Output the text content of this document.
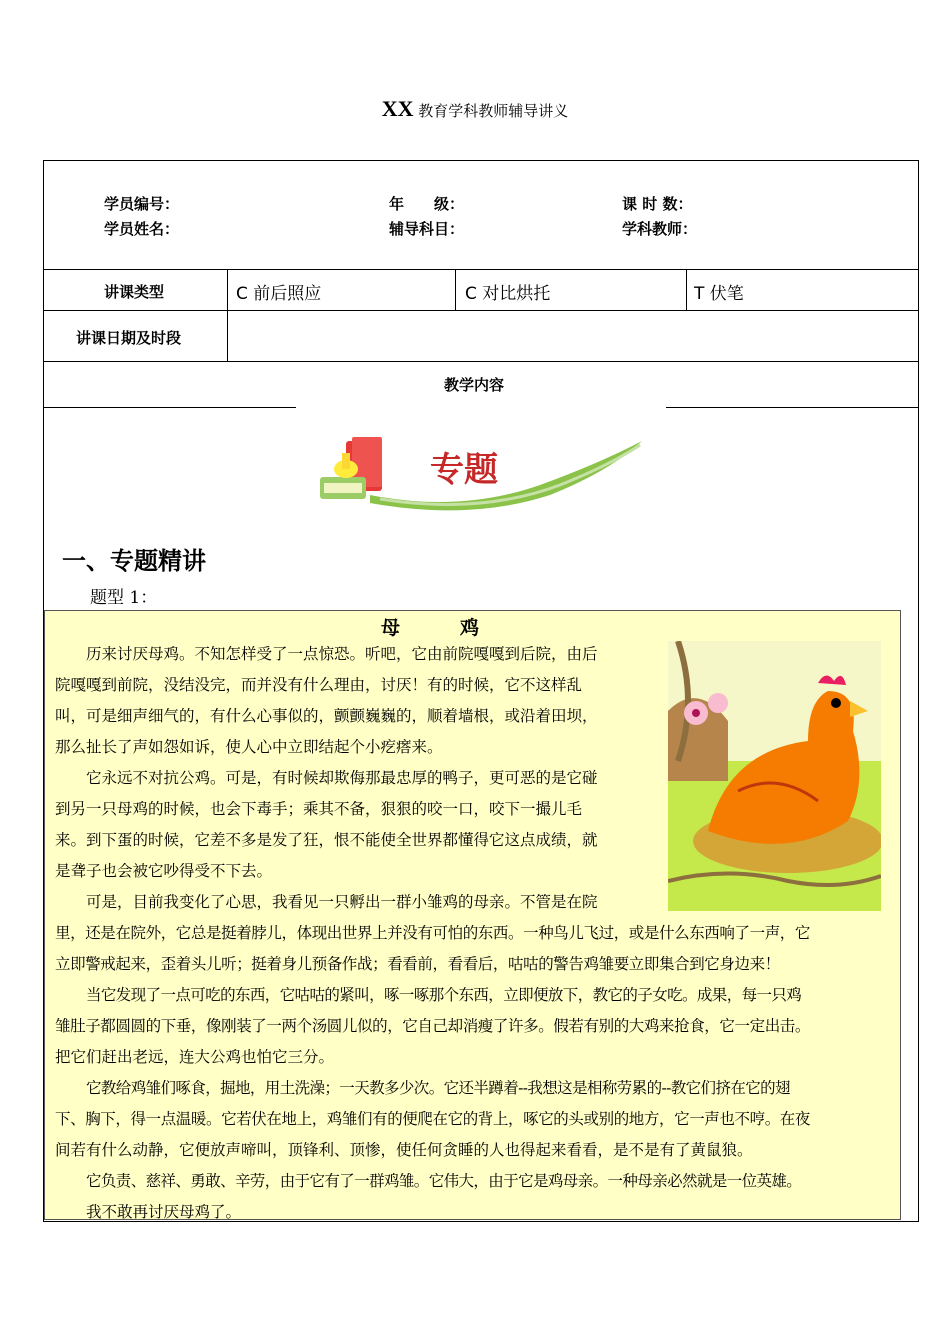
XX 教育学科教师辅导讲义
学员编号：	年　　级：	课 时 数：
学员姓名：	辅导科目：	学科教师：
讲课类型	C 前后照应	C 对比烘托	T 伏笔
讲课日期及时段
教学内容
专题
一、专题精讲
题型 1：
母鸡

历来讨厌母鸡。不知怎样受了一点惊恐。听吧，它由前院嘎嘎到后院，由后

院嘎嘎到前院，没结没完，而并没有什么理由，讨厌！有的时候，它不这样乱

叫，可是细声细气的，有什么心事似的，颤颤巍巍的，顺着墙根，或沿着田坝，

那么扯长了声如怨如诉，使人心中立即结起个小疙瘩来。

它永远不对抗公鸡。可是，有时候却欺侮那最忠厚的鸭子，更可恶的是它碰

到另一只母鸡的时候，也会下毒手；乘其不备，狠狠的咬一口，咬下一撮儿毛

来。到下蛋的时候，它差不多是发了狂，恨不能使全世界都懂得它这点成绩，就

是聋子也会被它吵得受不下去。

可是，目前我变化了心思，我看见一只孵出一群小雏鸡的母亲。不管是在院

里，还是在院外，它总是挺着脖儿，体现出世界上并没有可怕的东西。一种鸟儿飞过，或是什么东西响了一声，它

立即警戒起来，歪着头儿听；挺着身儿预备作战；看看前，看看后，咕咕的警告鸡雏要立即集合到它身边来！

当它发现了一点可吃的东西，它咕咕的紧叫，啄一啄那个东西，立即便放下，教它的子女吃。成果，每一只鸡

雏肚子都圆圆的下垂，像刚装了一两个汤圆儿似的，它自己却消瘦了许多。假若有别的大鸡来抢食，它一定出击。

把它们赶出老远，连大公鸡也怕它三分。

它教给鸡雏们啄食，掘地，用土洗澡；一天教多少次。它还半蹲着--我想这是相称劳累的--教它们挤在它的翅

下、胸下，得一点温暖。它若伏在地上，鸡雏们有的便爬在它的背上，啄它的头或别的地方，它一声也不哼。在夜

间若有什么动静，它便放声啼叫，顶锋利、顶惨，使任何贪睡的人也得起来看看，是不是有了黄鼠狼。

它负责、慈祥、勇敢、辛劳，由于它有了一群鸡雏。它伟大，由于它是鸡母亲。一种母亲必然就是一位英雄。

我不敢再讨厌母鸡了。
